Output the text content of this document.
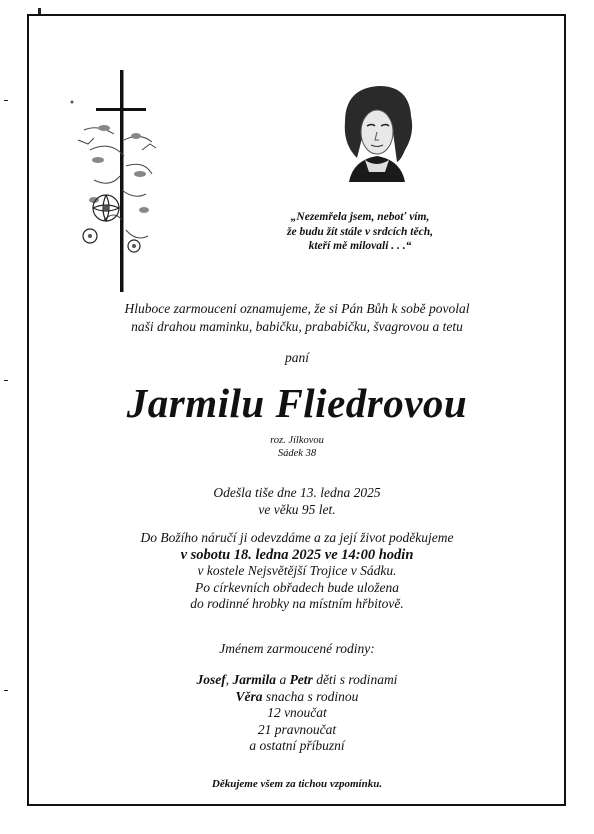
„Nezemřela jsem, neboť vím,
že budu žít stále v srdcích těch,
kteří mě milovali . . .“
Hluboce zarmouceni oznamujeme, že si Pán Bůh k sobě povolal
naši drahou maminku, babičku, prababičku, švagrovou a tetu
paní
Jarmilu Fliedrovou
roz. Jílkovou
Sádek 38
Odešla tiše dne 13. ledna 2025
ve věku 95 let.
Do Božího náručí ji odevzdáme a za její život poděkujeme
v sobotu 18. ledna 2025 ve 14:00 hodin
v kostele Nejsvětější Trojice v Sádku.
Po církevních obřadech bude uložena
do rodinné hrobky na místním hřbitově.
Jménem zarmoucené rodiny:
Josef, Jarmila a Petr děti s rodinami
Věra snacha s rodinou
12 vnoučat
21 pravnoučat
a ostatní příbuzní
Děkujeme všem za tichou vzpomínku.
